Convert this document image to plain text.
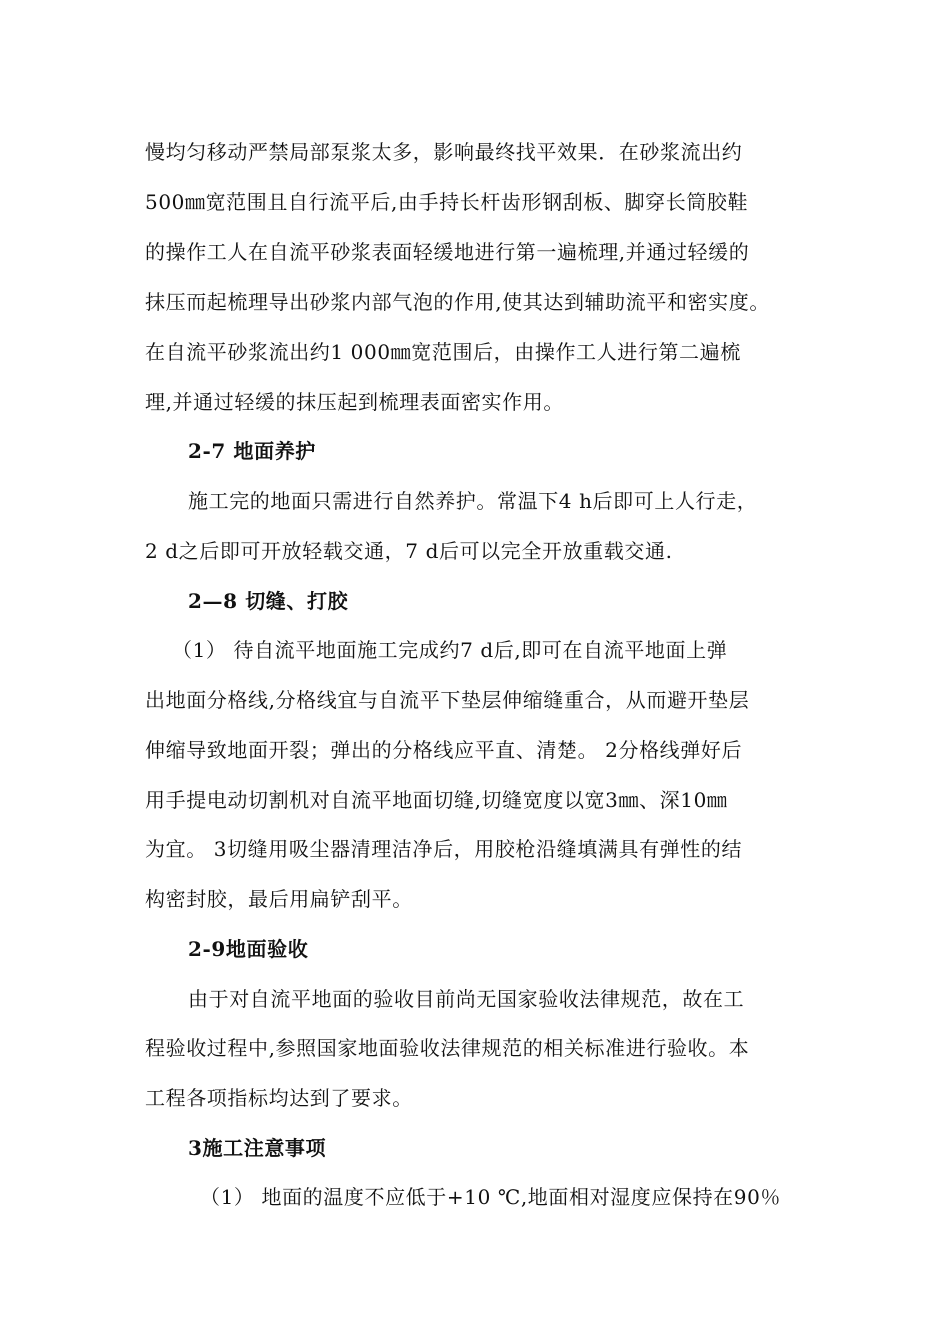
慢均匀移动严禁局部泵浆太多，影响最终找平效果．在砂浆流出约
500㎜宽范围且自行流平后,由手持长杆齿形钢刮板、脚穿长筒胶鞋
的操作工人在自流平砂浆表面轻缓地进行第一遍梳理,并通过轻缓的
抹压而起梳理导出砂浆内部气泡的作用,使其达到辅助流平和密实度。
在自流平砂浆流出约1 000㎜宽范围后，由操作工人进行第二遍梳
理,并通过轻缓的抹压起到梳理表面密实作用。
2-7 地面养护
施工完的地面只需进行自然养护。常温下4 h后即可上人行走，
2 d之后即可开放轻载交通，7 d后可以完全开放重载交通.
2—8 切缝、打胶
（1） 待自流平地面施工完成约7 d后,即可在自流平地面上弹
出地面分格线,分格线宜与自流平下垫层伸缩缝重合，从而避开垫层
伸缩导致地面开裂；弹出的分格线应平直、清楚。 2分格线弹好后
用手提电动切割机对自流平地面切缝,切缝宽度以宽3㎜、深10㎜
为宜。 3切缝用吸尘器清理洁净后，用胶枪沿缝填满具有弹性的结
构密封胶，最后用扁铲刮平。
2-9地面验收
由于对自流平地面的验收目前尚无国家验收法律规范，故在工
程验收过程中,参照国家地面验收法律规范的相关标准进行验收。本
工程各项指标均达到了要求。
3施工注意事项
（1） 地面的温度不应低于+10 ℃,地面相对湿度应保持在90％
